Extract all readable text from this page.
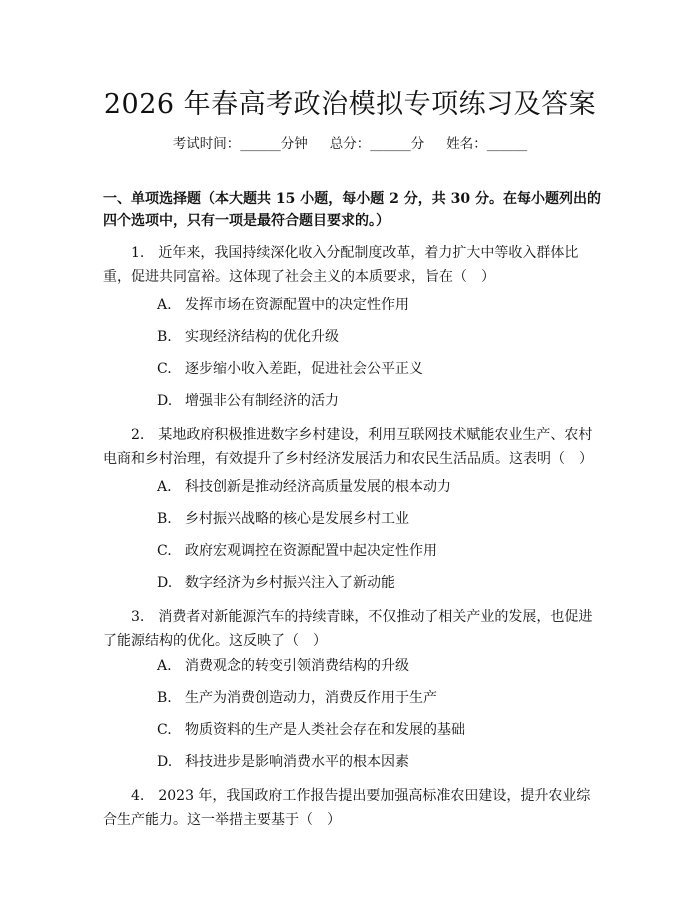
2026 年春高考政治模拟专项练习及答案
考试时间：______分钟 总分：______分 姓名：______
一、单项选择题（本大题共 15 小题，每小题 2 分，共 30 分。在每小题列出的四个选项中，只有一项是最符合题目要求的。）
1.　近年来，我国持续深化收入分配制度改革，着力扩大中等收入群体比重，促进共同富裕。这体现了社会主义的本质要求，旨在（　）
A. 发挥市场在资源配置中的决定性作用
B. 实现经济结构的优化升级
C. 逐步缩小收入差距，促进社会公平正义
D. 增强非公有制经济的活力
2.　某地政府积极推进数字乡村建设，利用互联网技术赋能农业生产、农村电商和乡村治理，有效提升了乡村经济发展活力和农民生活品质。这表明（　）
A. 科技创新是推动经济高质量发展的根本动力
B. 乡村振兴战略的核心是发展乡村工业
C. 政府宏观调控在资源配置中起决定性作用
D. 数字经济为乡村振兴注入了新动能
3.　消费者对新能源汽车的持续青睐，不仅推动了相关产业的发展，也促进了能源结构的优化。这反映了（　）
A. 消费观念的转变引领消费结构的升级
B. 生产为消费创造动力，消费反作用于生产
C. 物质资料的生产是人类社会存在和发展的基础
D. 科技进步是影响消费水平的根本因素
4.　2023 年，我国政府工作报告提出要加强高标准农田建设，提升农业综合生产能力。这一举措主要基于（　）
